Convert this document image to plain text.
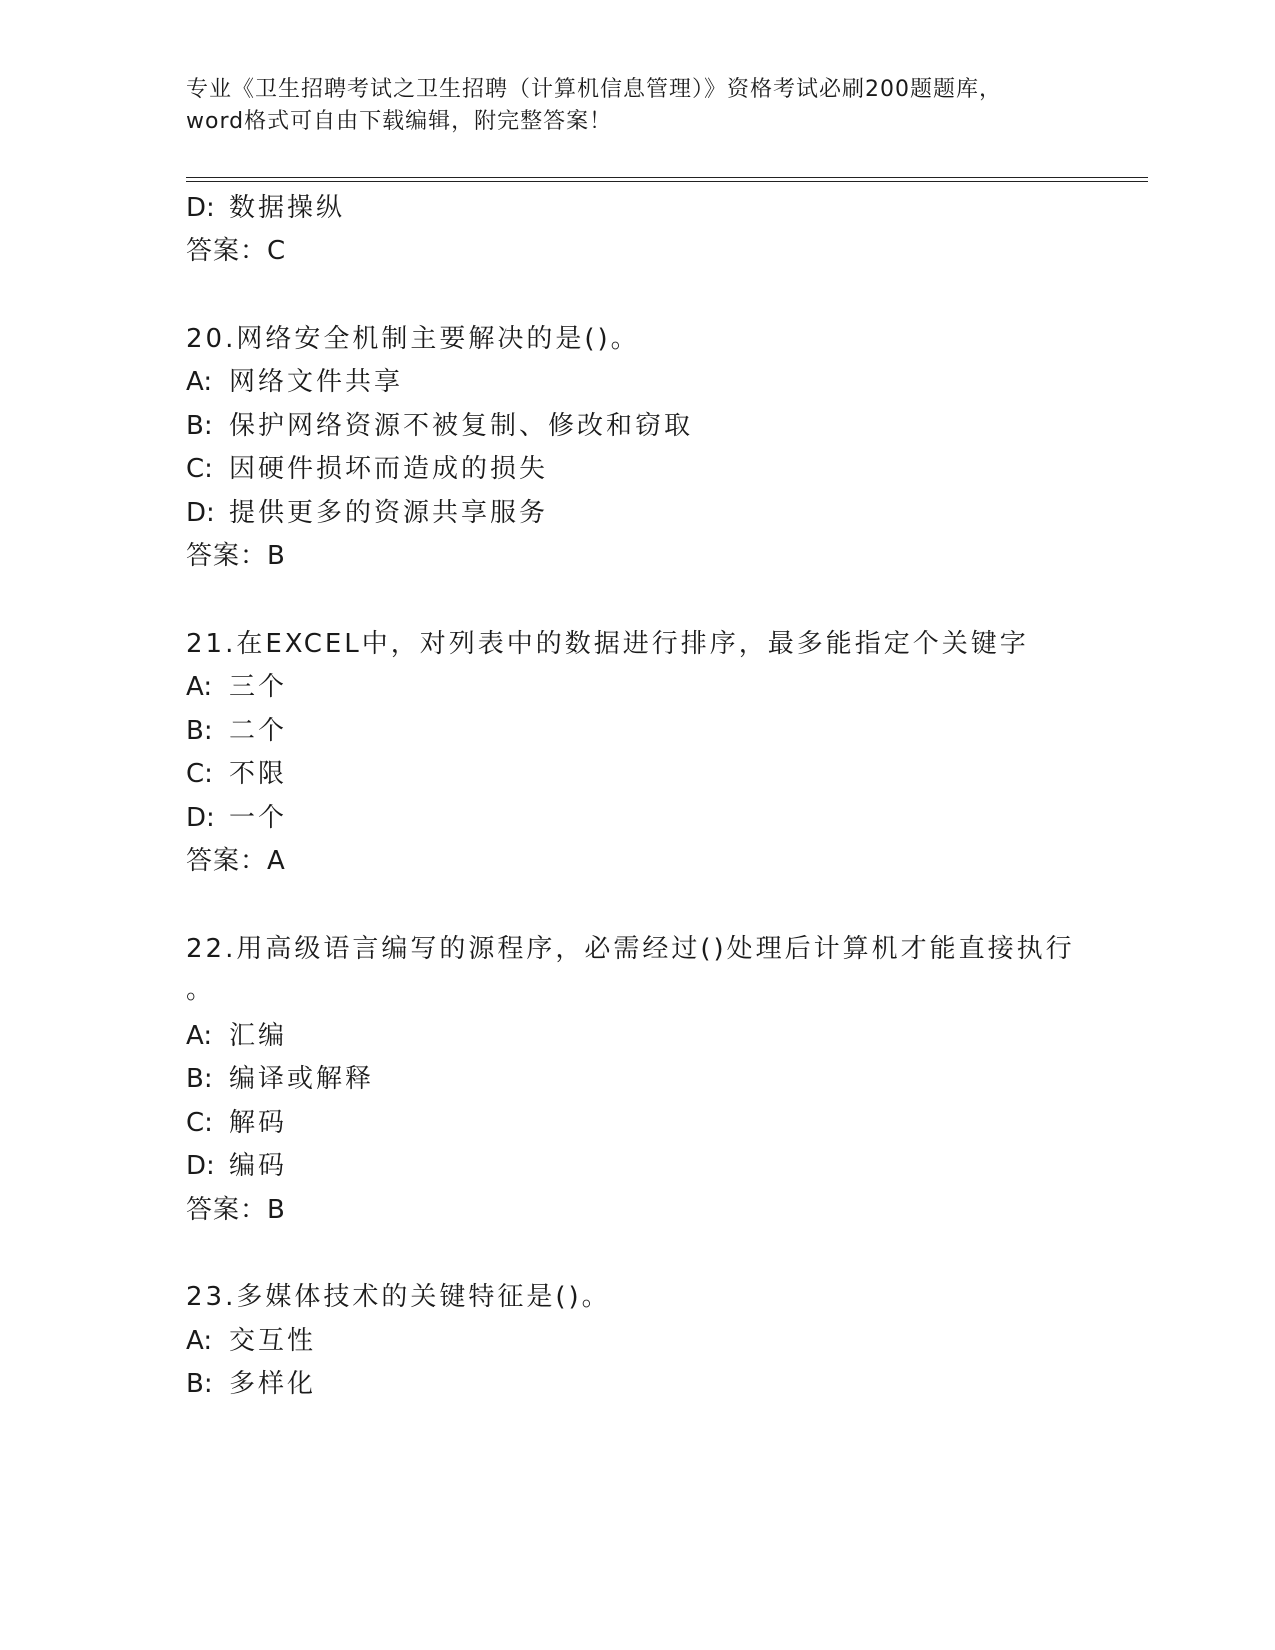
专业《卫生招聘考试之卫生招聘（计算机信息管理）》资格考试必刷200题题库，
word格式可自由下载编辑，附完整答案！
D: 数据操纵
答案：C
20.网络安全机制主要解决的是()。
A: 网络文件共享
B: 保护网络资源不被复制、修改和窃取
C: 因硬件损坏而造成的损失
D: 提供更多的资源共享服务
答案：B
21.在EXCEL中，对列表中的数据进行排序，最多能指定个关键字
A: 三个
B: 二个
C: 不限
D: 一个
答案：A
22.用高级语言编写的源程序，必需经过()处理后计算机才能直接执行
。
A: 汇编
B: 编译或解释
C: 解码
D: 编码
答案：B
23.多媒体技术的关键特征是()。
A: 交互性
B: 多样化
